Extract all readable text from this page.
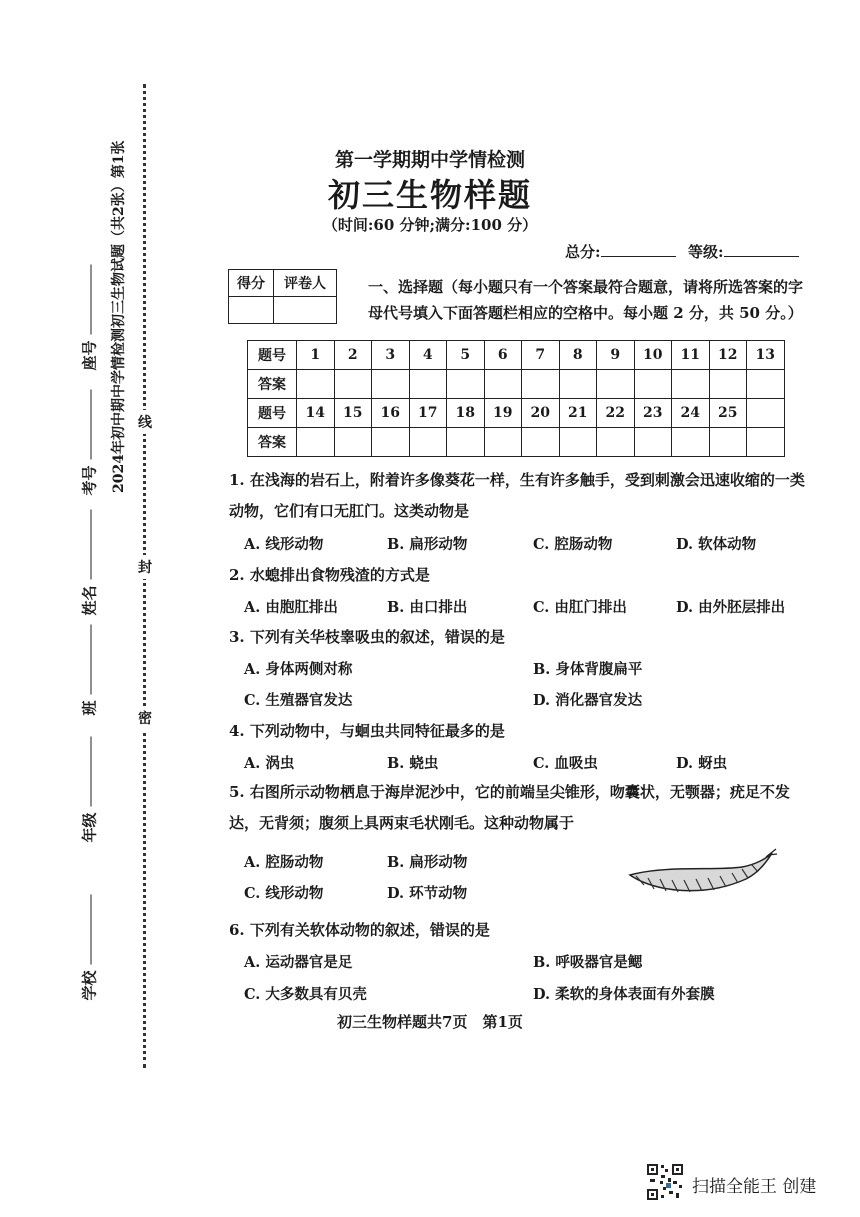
2024年初中期中学情检测初三生物试题（共2张）第1张
学校
年级
班
姓名
考号
座号
密
封
线
第一学期期中学情检测
初三生物样题
（时间:60 分钟;满分:100 分）
总分:	等级:
得分	评卷人
		一、选择题（每小题只有一个答案最符合题意，请将所选答案的字母代号填入下面答题栏相应的空格中。每小题 2 分，共 50 分。）
题号	1	2	3	4	5	6	7	8	9	10	11	12	13
答案													
题号	14	15	16	17	18	19	20	21	22	23	24	25	
答案													
1. 在浅海的岩石上，附着许多像葵花一样，生有许多触手，受到刺激会迅速收缩的一类动物，它们有口无肛门。这类动物是
A. 线形动物	B. 扁形动物	C. 腔肠动物	D. 软体动物
2. 水螅排出食物残渣的方式是
A. 由胞肛排出	B. 由口排出	C. 由肛门排出	D. 由外胚层排出
3. 下列有关华枝睾吸虫的叙述，错误的是
A. 身体两侧对称	B. 身体背腹扁平
C. 生殖器官发达	D. 消化器官发达
4. 下列动物中，与蛔虫共同特征最多的是
A. 涡虫	B. 蛲虫	C. 血吸虫	D. 蚜虫
5. 右图所示动物栖息于海岸泥沙中，它的前端呈尖锥形，吻囊状，无颚器；疣足不发达，无背须；腹须上具两束毛状刚毛。这种动物属于
A. 腔肠动物	B. 扁形动物
C. 线形动物	D. 环节动物
6. 下列有关软体动物的叙述，错误的是
A. 运动器官是足	B. 呼吸器官是鳃
C. 大多数具有贝壳	D. 柔软的身体表面有外套膜
初三生物样题共7页　第1页
扫描全能王 创建
